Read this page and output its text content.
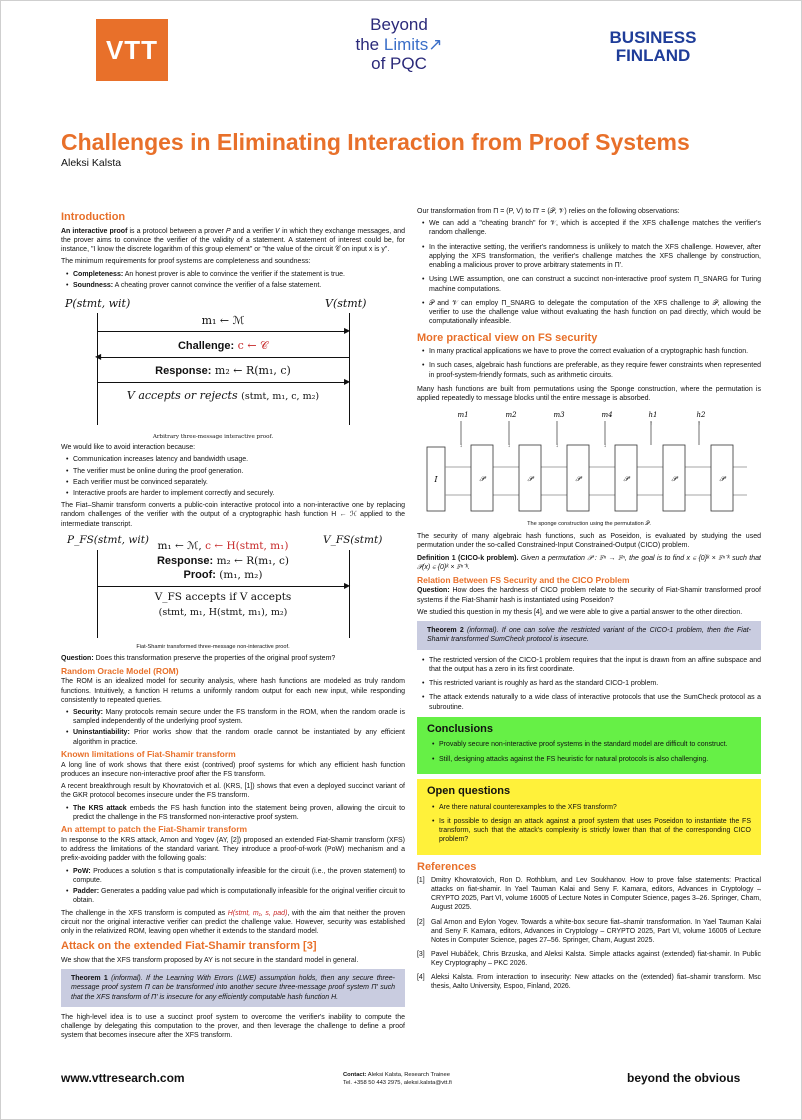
VTT
Beyond
the Limits↗
of PQC
BUSINESS
FINLAND
Challenges in Eliminating Interaction from Proof Systems
Aleksi Kalsta
Introduction

An interactive proof is a protocol between a prover 𝑃 and a verifier 𝑉 in which they exchange messages, and the prover aims to convince the verifier of the validity of a statement. A statement of interest could be, for instance, "I know the discrete logarithm of this group element" or "the value of the circuit 𝒞 on input x is y".

The minimum requirements for proof systems are completeness and soundness:

• Completeness: An honest prover is able to convince the verifier if the statement is true.
• Soundness: A cheating prover cannot convince the verifier of a false statement.
P(stmt, wit)	V(stmt)
m₁ ← ℳ
▶
Challenge: c ← 𝒞
◀
Response: m₂ ← R(m₁, c)
▶
V accepts or rejects (stmt, m₁, c, m₂)
Arbitrary three-message interactive proof.

We would like to avoid interaction because:

• Communication increases latency and bandwidth usage.
• The verifier must be online during the proof generation.
• Each verifier must be convinced separately.
• Interactive proofs are harder to implement correctly and securely.

The Fiat–Shamir transform converts a public-coin interactive protocol into a non-interactive one by replacing random challenges of the verifier with the output of a cryptographic hash function H ← ℋ applied to the intermediate transcript.

P_FS(stmt, wit)	V_FS(stmt)
m₁ ← ℳ, c ← H(stmt, m₁)
Response: m₂ ← R(m₁, c)
Proof: (m₁, m₂)
▶
V_FS accepts if V accepts
(stmt, m₁, H(stmt, m₁), m₂)
Fiat-Shamir transformed three-message non-interactive proof.

Question: Does this transformation preserve the properties of the original proof system?

Random Oracle Model (ROM)

The ROM is an idealized model for security analysis, where hash functions are modeled as truly random functions. Intuitively, a function H returns a uniformly random output for each new input, while responding consistently to repeated queries.

• Security: Many protocols remain secure under the FS transform in the ROM, when the random oracle is sampled independently of the underlying proof system.
• Uninstantiability: Prior works show that the random oracle cannot be instantiated by any efficient algorithm in practice.
Known limitations of Fiat-Shamir transform

A long line of work shows that there exist (contrived) proof systems for which any efficient hash function produces an insecure non-interactive proof after the FS transform.

A recent breakthrough result by Khovratovich et al. (KRS, [1]) shows that even a deployed succinct variant of the GKR protocol becomes insecure under the FS transform.

• The KRS attack embeds the FS hash function into the statement being proven, allowing the circuit to predict the challenge in the FS transformed non-interactive proof system.
An attempt to patch the Fiat-Shamir transform

In response to the KRS attack, Arnon and Yogev (AY, [2]) proposed an extended Fiat-Shamir transform (XFS) to address the limitations of the standard variant. They introduce a proof-of-work (PoW) mechanism and a prefix-avoiding padder with the following goals:

• PoW: Produces a solution s that is computationally infeasible for the circuit (i.e., the proven statement) to compute.
• Padder: Generates a padding value pad which is computationally infeasible for the original verifier circuit to obtain.

The challenge in the XFS transform is computed as H(stmt, m₁, s, pad), with the aim that neither the proven circuit nor the original interactive verifier can predict the challenge value. However, security was established only in the relativized ROM, leaving open whether it extends to the standard model.

Attack on the extended Fiat-Shamir transform [3]

We show that the XFS transform proposed by AY is not secure in the standard model in general.

Theorem 1 (informal). If the Learning With Errors (LWE) assumption holds, then any secure three-message proof system Π can be transformed into another secure three-message proof system Π′ such that the XFS transform of Π′ is insecure for any efficiently computable hash function H.

The high-level idea is to use a succinct proof system to overcome the verifier's inability to compute the challenge by delegating this computation to the prover, and then leverage the challenge to define a proof system that becomes insecure after the XFS transform.

Our transformation from Π = (P, V) to Π′ = (𝒫, 𝒱) relies on the following observations:

• We can add a "cheating branch" for 𝒱, which is accepted if the XFS challenge matches the verifier's random challenge.
• In the interactive setting, the verifier's randomness is unlikely to match the XFS challenge. However, after applying the XFS transformation, the verifier's challenge matches the XFS challenge by construction, enabling a malicious prover to prove arbitrary statements in Π′.
• Using LWE assumption, one can construct a succinct non-interactive proof system Π_SNARG for Turing machine computations.
• 𝒫 and 𝒱 can employ Π_SNARG to delegate the computation of the XFS challenge to 𝒫, allowing the verifier to use the challenge value without evaluating the hash function on pad directly, which would be computationally infeasible.
More practical view on FS security
• In many practical applications we have to prove the correct evaluation of a cryptographic hash function.
• In such cases, algebraic hash functions are preferable, as they require fewer constraints when represented in proof-system-friendly formats, such as arithmetic circuits.

Many hash functions are built from permutations using the Sponge construction, where the permutation is applied repeatedly to message blocks until the entire message is absorbed.

I	𝒫	𝒫	𝒫	𝒫	𝒫	𝒫
↓
m1
↓
m2
↓
m3
↓
m4
↑
h1
↑
h2
The sponge construction using the permutation 𝒫.

The security of many algebraic hash functions, such as Poseidon, is evaluated by studying the used permutation under the so-called Constrained-Input Constrained-Output (CICO) problem.

Definition 1 (CICO-k problem). Given a permutation 𝒫 : 𝔽ⁿ → 𝔽ⁿ, the goal is to find x ∈ {0}ᵏ × 𝔽ⁿ⁻ᵏ such that 𝒫(x) ∈ {0}ᵏ × 𝔽ⁿ⁻ᵏ.
Relation Between FS Security and the CICO Problem

Question: How does the hardness of CICO problem relate to the security of Fiat-Shamir transformed proof systems if the Fiat-Shamir hash is instantiated using Poseidon?

We studied this question in my thesis [4], and we were able to give a partial answer to the other direction.

Theorem 2 (informal). If one can solve the restricted variant of the CICO-1 problem, then the Fiat-Shamir transformed SumCheck protocol is insecure.
• The restricted version of the CICO-1 problem requires that the input is drawn from an affine subspace and that the output has a zero in its first coordinate.
• This restricted variant is roughly as hard as the standard CICO-1 problem.
• The attack extends naturally to a wide class of interactive protocols that use the SumCheck protocol as a subroutine.
Conclusions
• Provably secure non-interactive proof systems in the standard model are difficult to construct.
• Still, designing attacks against the FS heuristic for natural protocols is also challenging.
Open questions
• Are there natural counterexamples to the XFS transform?
• Is it possible to design an attack against a proof system that uses Poseidon to instantiate the FS transform, such that the attack's complexity is strictly lower than that of the corresponding CICO problem?
References
[1] Dmitry Khovratovich, Ron D. Rothblum, and Lev Soukhanov. How to prove false statements: Practical attacks on fiat-shamir. In Yael Tauman Kalai and Seny F. Kamara, editors, Advances in Cryptology – CRYPTO 2025, Part VI, volume 16005 of Lecture Notes in Computer Science, pages 3–26. Springer, Cham, August 2025.
[2] Gal Arnon and Eylon Yogev. Towards a white-box secure fiat–shamir transformation. In Yael Tauman Kalai and Seny F. Kamara, editors, Advances in Cryptology – CRYPTO 2025, Part VI, volume 16005 of Lecture Notes in Computer Science, pages 27–56. Springer, Cham, August 2025.
[3] Pavel Hubáček, Chris Brzuska, and Aleksi Kalsta. Simple attacks against (extended) fiat-shamir. In Public Key Cryptography – PKC 2026.
[4] Aleksi Kalsta. From interaction to insecurity: New attacks on the (extended) fiat–shamir transform. Msc thesis, Aalto University, Espoo, Finland, 2026.
www.vttresearch.com	Contact: Aleksi Kalsta, Research Trainee
Tel. +358 50 443 2975, aleksi.kalsta@vtt.fi	beyond the obvious
